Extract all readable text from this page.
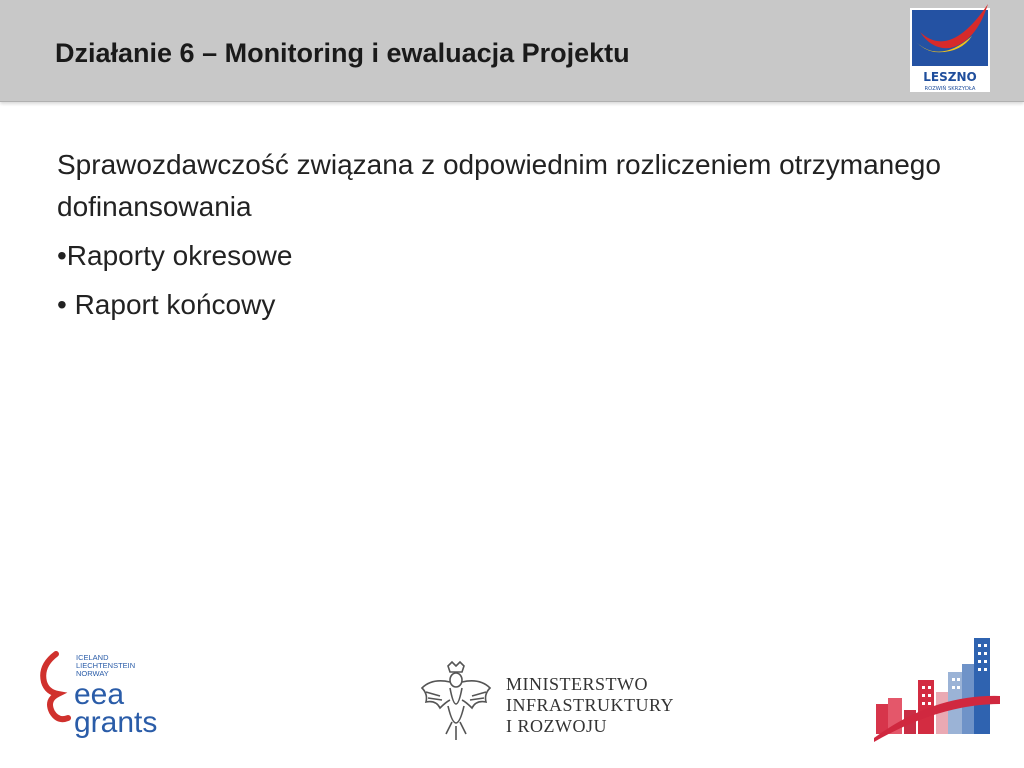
Działanie 6 – Monitoring i ewaluacja Projektu
LESZNO
ROZWIŃ SKRZYDŁA

Sprawozdawczość związana z odpowiednim rozliczeniem otrzymanego dofinansowania

•Raporty okresowe

• Raport końcowy

ICELAND
LIECHTENSTEIN
NORWAY
eea
grants
MINISTERSTWO
INFRASTRUKTURY
I ROZWOJU
